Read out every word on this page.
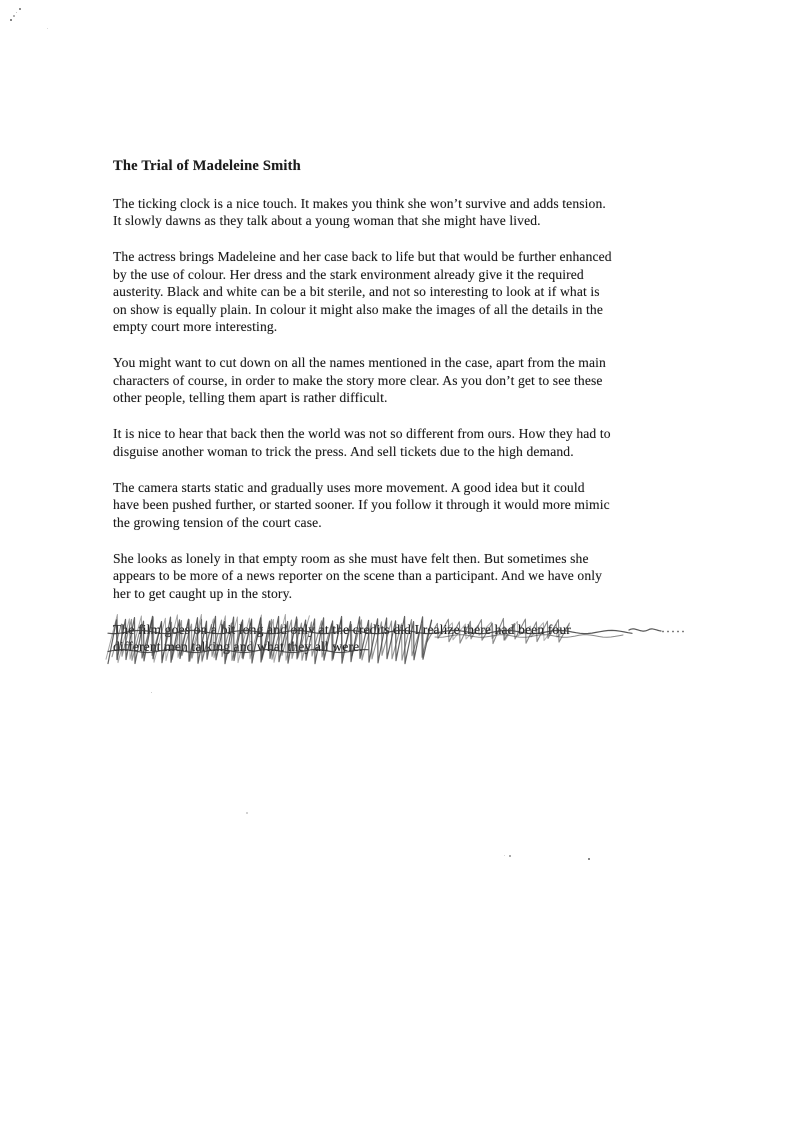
The Trial of Madeleine Smith
The ticking clock is a nice touch. It makes you think she won’t survive and adds tension.
It slowly dawns as they talk about a young woman that she might have lived.
The actress brings Madeleine and her case back to life but that would be further enhanced
by the use of colour. Her dress and the stark environment already give it the required
austerity. Black and white can be a bit sterile, and not so interesting to look at if what is
on show is equally plain. In colour it might also make the images of all the details in the
empty court more interesting.
You might want to cut down on all the names mentioned in the case, apart from the main
characters of course, in order to make the story more clear. As you don’t get to see these
other people, telling them apart is rather difficult.
It is nice to hear that back then the world was not so different from ours. How they had to
disguise another woman to trick the press. And sell tickets due to the high demand.
The camera starts static and gradually uses more movement. A good idea but it could
have been pushed further, or started sooner. If you follow it through it would more mimic
the growing tension of the court case.
She looks as lonely in that empty room as she must have felt then. But sometimes she
appears to be more of a news reporter on the scene than a participant. And we have only
her to get caught up in the story.
The film goes on a bit long and only at the credits did I realize there had been four
different men talking and what they all were.
